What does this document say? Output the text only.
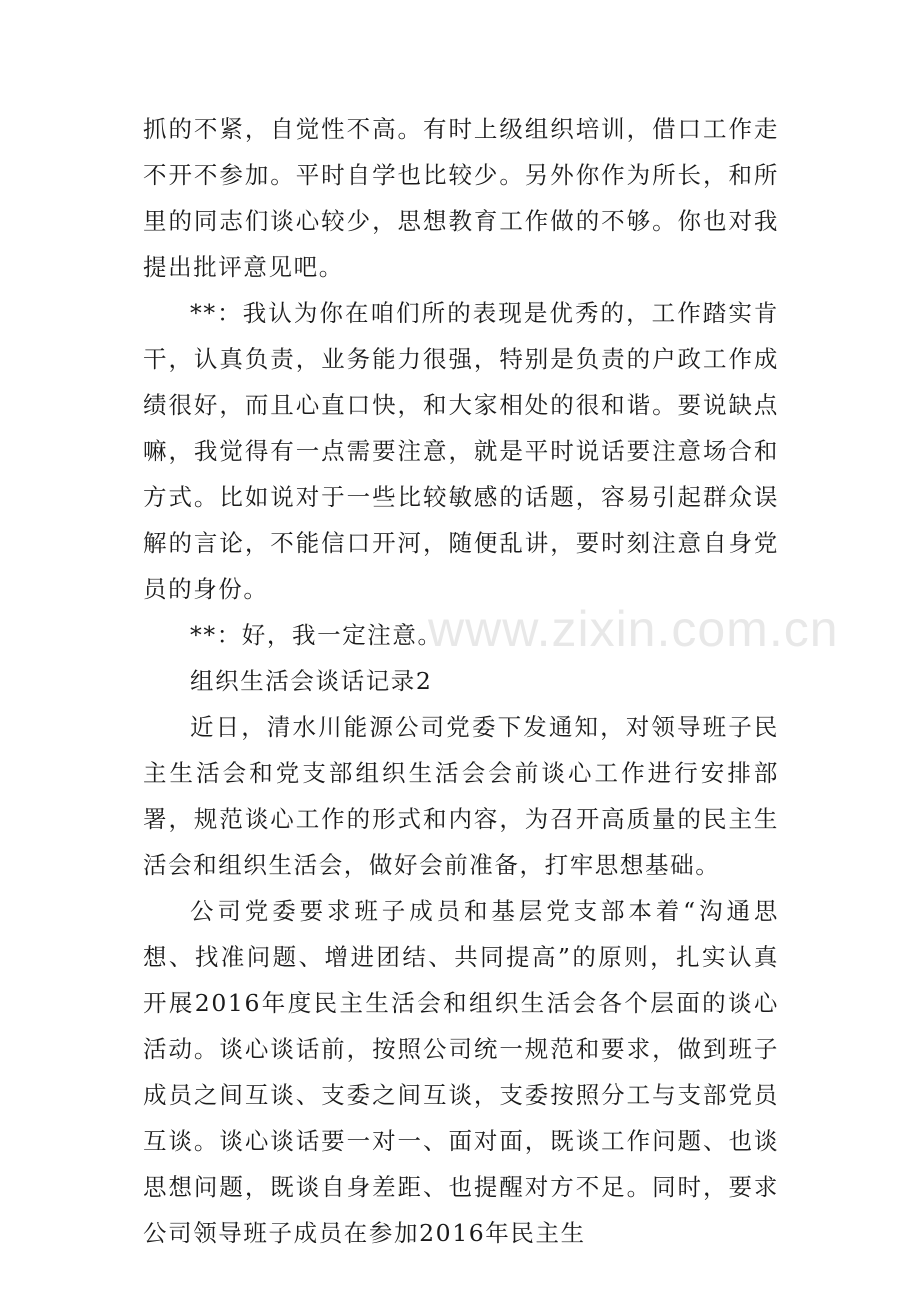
抓的不紧，自觉性不高。有时上级组织培训，借口工作走不开不参加。平时自学也比较少。另外你作为所长，和所里的同志们谈心较少，思想教育工作做的不够。你也对我提出批评意见吧。

**：我认为你在咱们所的表现是优秀的，工作踏实肯干，认真负责，业务能力很强，特别是负责的户政工作成绩很好，而且心直口快，和大家相处的很和谐。要说缺点嘛，我觉得有一点需要注意，就是平时说话要注意场合和方式。比如说对于一些比较敏感的话题，容易引起群众误解的言论，不能信口开河，随便乱讲，要时刻注意自身党员的身份。

**：好，我一定注意。

组织生活会谈话记录2

近日，清水川能源公司党委下发通知，对领导班子民主生活会和党支部组织生活会会前谈心工作进行安排部署，规范谈心工作的形式和内容，为召开高质量的民主生活会和组织生活会，做好会前准备，打牢思想基础。

公司党委要求班子成员和基层党支部本着“沟通思想、找准问题、增进团结、共同提高”的原则，扎实认真开展2016年度民主生活会和组织生活会各个层面的谈心活动。谈心谈话前，按照公司统一规范和要求，做到班子成员之间互谈、支委之间互谈，支委按照分工与支部党员互谈。谈心谈话要一对一、面对面，既谈工作问题、也谈思想问题，既谈自身差距、也提醒对方不足。同时，要求公司领导班子成员在参加2016年民主生

www.zixin.com.cn
